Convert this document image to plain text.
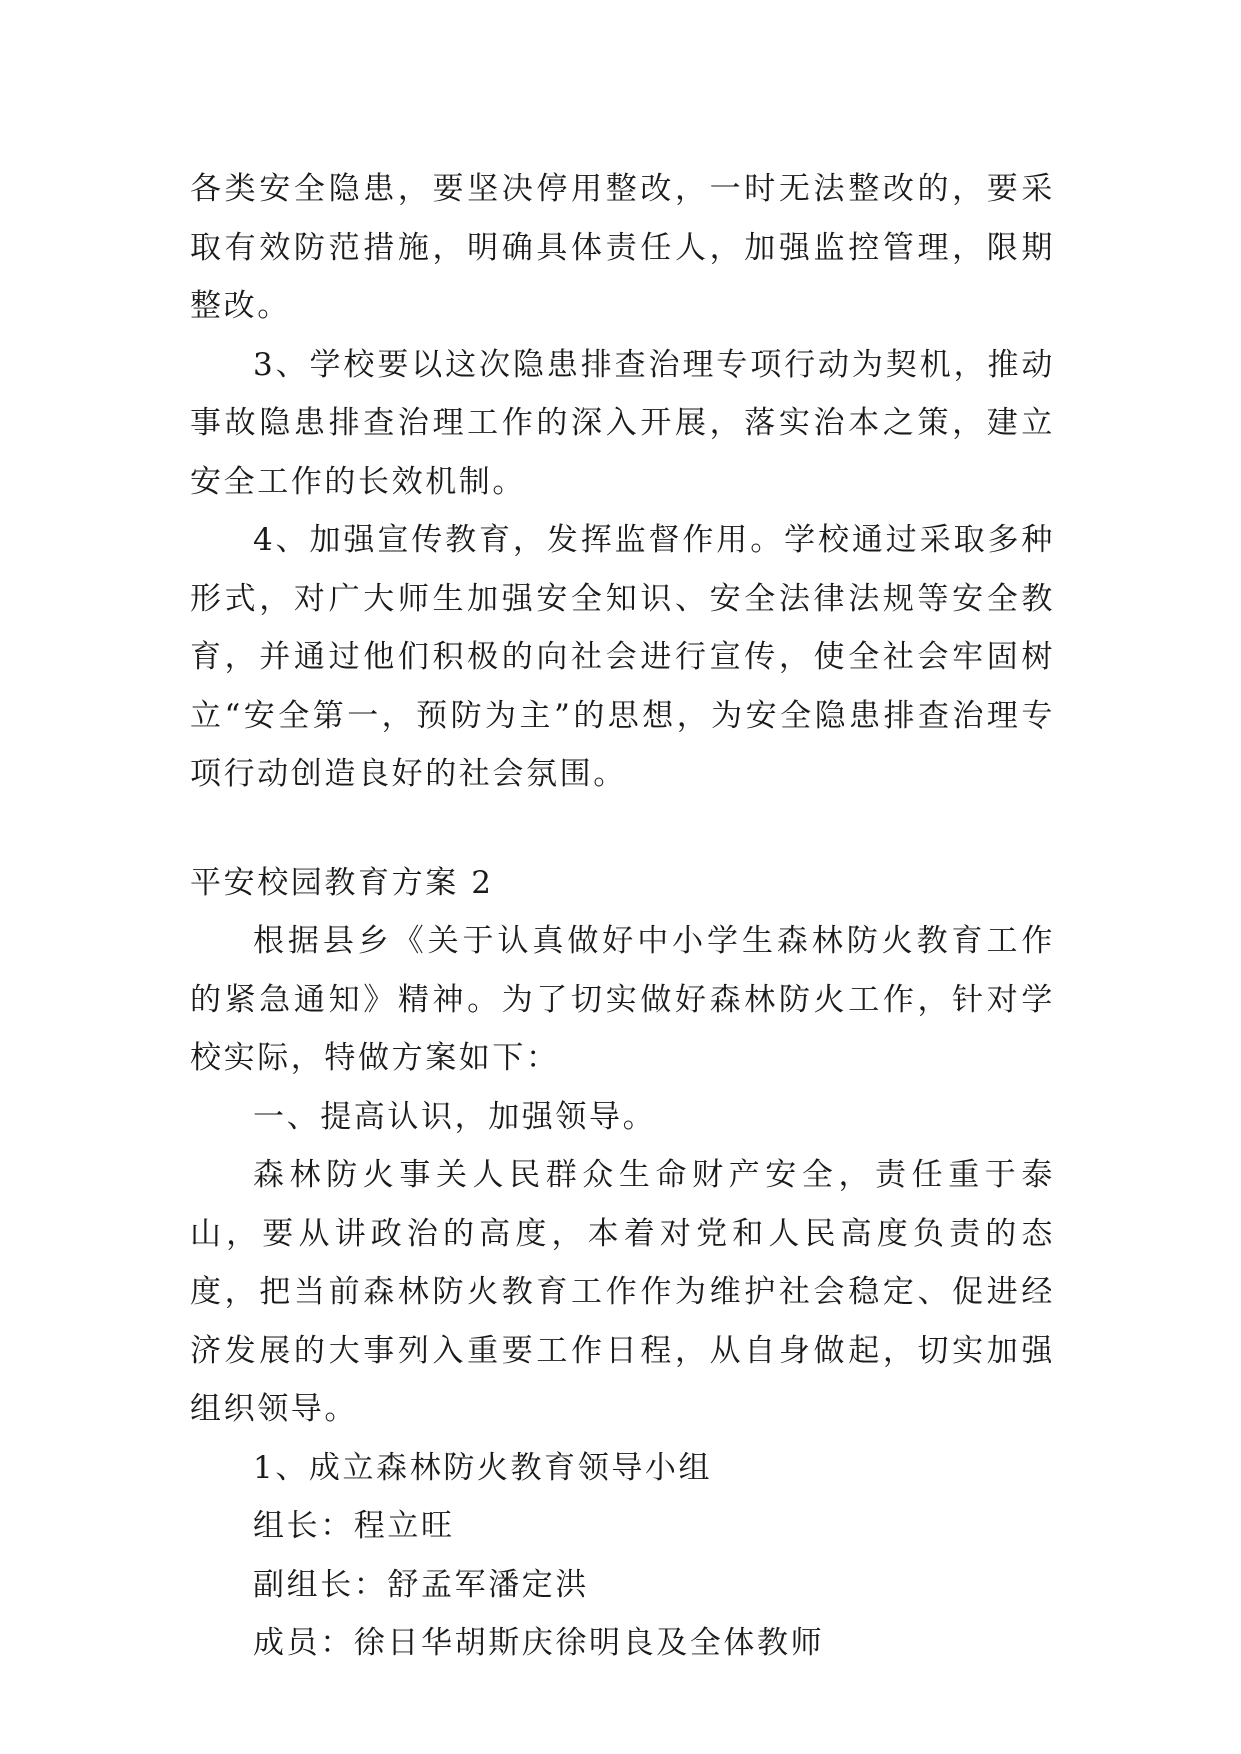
各类安全隐患，要坚决停用整改，一时无法整改的，要采取有效防范措施，明确具体责任人，加强监控管理，限期整改。

3、学校要以这次隐患排查治理专项行动为契机，推动事故隐患排查治理工作的深入开展，落实治本之策，建立安全工作的长效机制。

4、加强宣传教育，发挥监督作用。学校通过采取多种形式，对广大师生加强安全知识、安全法律法规等安全教育，并通过他们积极的向社会进行宣传，使全社会牢固树立“安全第一，预防为主”的思想，为安全隐患排查治理专项行动创造良好的社会氛围。

平安校园教育方案 2

根据县乡《关于认真做好中小学生森林防火教育工作的紧急通知》精神。为了切实做好森林防火工作，针对学校实际，特做方案如下：

一、提高认识，加强领导。

森林防火事关人民群众生命财产安全，责任重于泰山，要从讲政治的高度，本着对党和人民高度负责的态度，把当前森林防火教育工作作为维护社会稳定、促进经济发展的大事列入重要工作日程，从自身做起，切实加强组织领导。

1、成立森林防火教育领导小组

组长：程立旺

副组长：舒孟军潘定洪

成员：徐日华胡斯庆徐明良及全体教师
